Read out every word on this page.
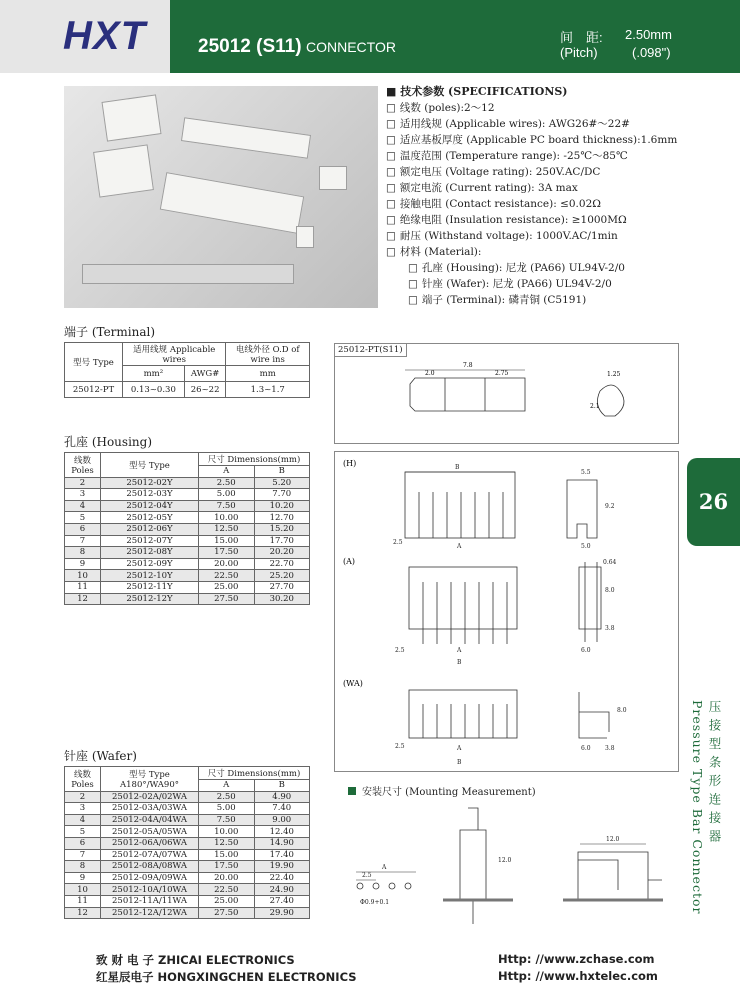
HXT	25012 (S11) CONNECTOR
间　距: 2.50mm
(Pitch)	(.098")
■ 技术参数 (SPECIFICATIONS)
□ 线数 (poles):2～12
□ 适用线规 (Applicable wires): AWG26#～22#
□ 适应基板厚度 (Applicable PC board thickness):1.6mm
□ 温度范围 (Temperature range): -25℃～85℃
□ 额定电压 (Voltage rating): 250V.AC/DC
□ 额定电流 (Current rating): 3A max
□ 接触电阻 (Contact resistance): ≤0.02Ω
□ 绝缘电阻 (Insulation resistance): ≥1000MΩ
□ 耐压 (Withstand voltage): 1000V.AC/1min
□ 材料 (Material):
□ 孔座 (Housing): 尼龙 (PA66) UL94V-2/0
□ 针座 (Wafer): 尼龙 (PA66) UL94V-2/0
□ 端子 (Terminal): 磷青铜 (C5191)
端子 (Terminal)
型号 Type	适用线规 Applicable wires		电线外径 O.D of wire ins
	mm²	AWG#	mm
25012-PT	0.13~0.30	26~22	1.3~1.7
25012-PT(S11)
7.8
2.0	2.75	1.25
2.1
孔座 (Housing)
线数 Poles	型号 Type	尺寸 Dimensions(mm)	
		A	B
2	25012-02Y	2.50	5.20
3	25012-03Y	5.00	7.70
4	25012-04Y	7.50	10.20
5	25012-05Y	10.00	12.70
6	25012-06Y	12.50	15.20
7	25012-07Y	15.00	17.70
8	25012-08Y	17.50	20.20
9	25012-09Y	20.00	22.70
10	25012-10Y	22.50	25.20
11	25012-11Y	25.00	27.70
12	25012-12Y	27.50	30.20
(H)
(A)
(WA)
B
5.5
9.2
2.5
A	5.0
0.64
8.0
3.8
2.5	A
B
6.0
8.0
2.5	A
B
6.0 3.8
针座 (Wafer)
线数 Poles	型号 Type A180°/WA90°	尺寸 Dimensions(mm)	
		A	B
2	25012-02A/02WA	2.50	4.90
3	25012-03A/03WA	5.00	7.40
4	25012-04A/04WA	7.50	9.00
5	25012-05A/05WA	10.00	12.40
6	25012-06A/06WA	12.50	14.90
7	25012-07A/07WA	15.00	17.40
8	25012-08A/08WA	17.50	19.90
9	25012-09A/09WA	20.00	22.40
10	25012-10A/10WA	22.50	24.90
11	25012-11A/11WA	25.00	27.40
12	25012-12A/12WA	27.50	29.90
安装尺寸 (Mounting Measurement)
A
2.5
12.0
12.0
Φ0.9+0.1
26
压 接 型 条 形 连 接 器
Pressure Type Bar Connector
致 财 电 子 ZHICAI ELECTRONICS
红星辰电子 HONGXINGCHEN ELECTRONICS
Http: //www.zchase.com
Http: //www.hxtelec.com
